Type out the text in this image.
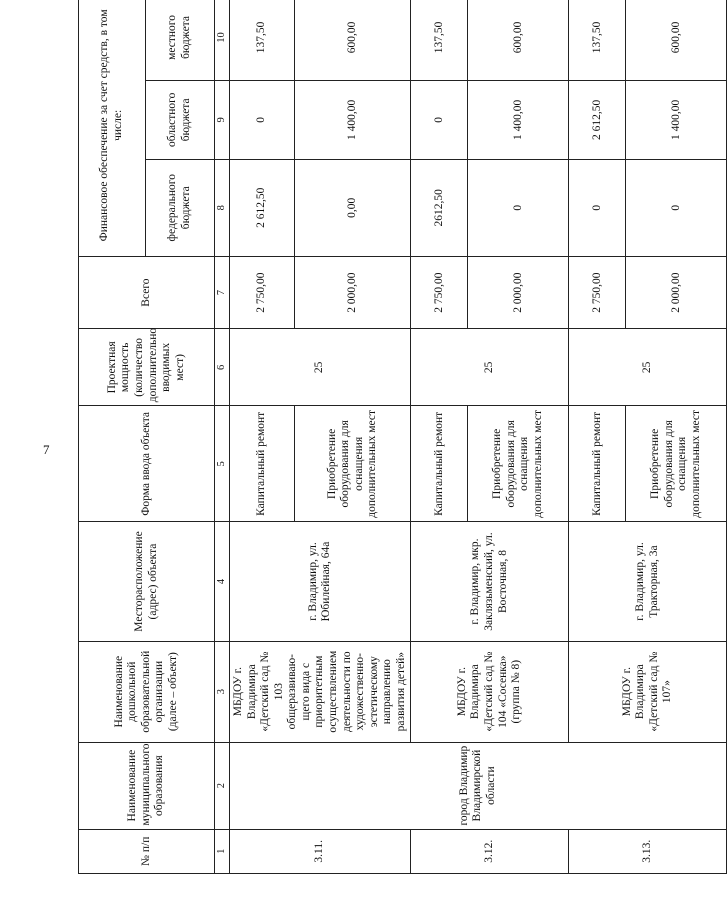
7
№ п/п	Наименование муниципального образования	Наименование дошкольной образовательной организации (далее – объект)	Месторасположение (адрес) объекта	Форма ввода объекта	Проектная мощность (количество дополнительно вводимых мест)	Всего	Финансовое обеспечение за счет средств, в том числе:		
							федерального бюджета	областного бюджета	местного бюджета
1	2	3	4	5	6	7	8	9	10
3.11.	город Владимир Владимирской области	МБДОУ г. Владимира «Детский сад № 103 общеразвиваю-щего вида с приоритетным осуществлением деятельности по художественно-эстетическому направлению развития детей»	г. Владимир, ул. Юбилейная, 64а	Капитальный ремонт	25	2 750,00	2 612,50	0	137,50
				Приобретение оборудования для оснащения дополнительных мест		2 000,00	0,00	1 400,00	600,00
3.12.		МБДОУ г. Владимира «Детский сад № 104 «Сосенка» (группа № 8)	г. Владимир, мкр. Заклязьменский, ул. Восточная, 8	Капитальный ремонт	25	2 750,00	2612,50	0	137,50
				Приобретение оборудования для оснащения дополнительных мест		2 000,00	0	1 400,00	600,00
3.13.		МБДОУ г. Владимира «Детский сад № 107»	г. Владимир, ул. Тракторная, 3а	Капитальный ремонт	25	2 750,00	0	2 612,50	137,50
				Приобретение оборудования для оснащения дополнительных мест		2 000,00	0	1 400,00	600,00
